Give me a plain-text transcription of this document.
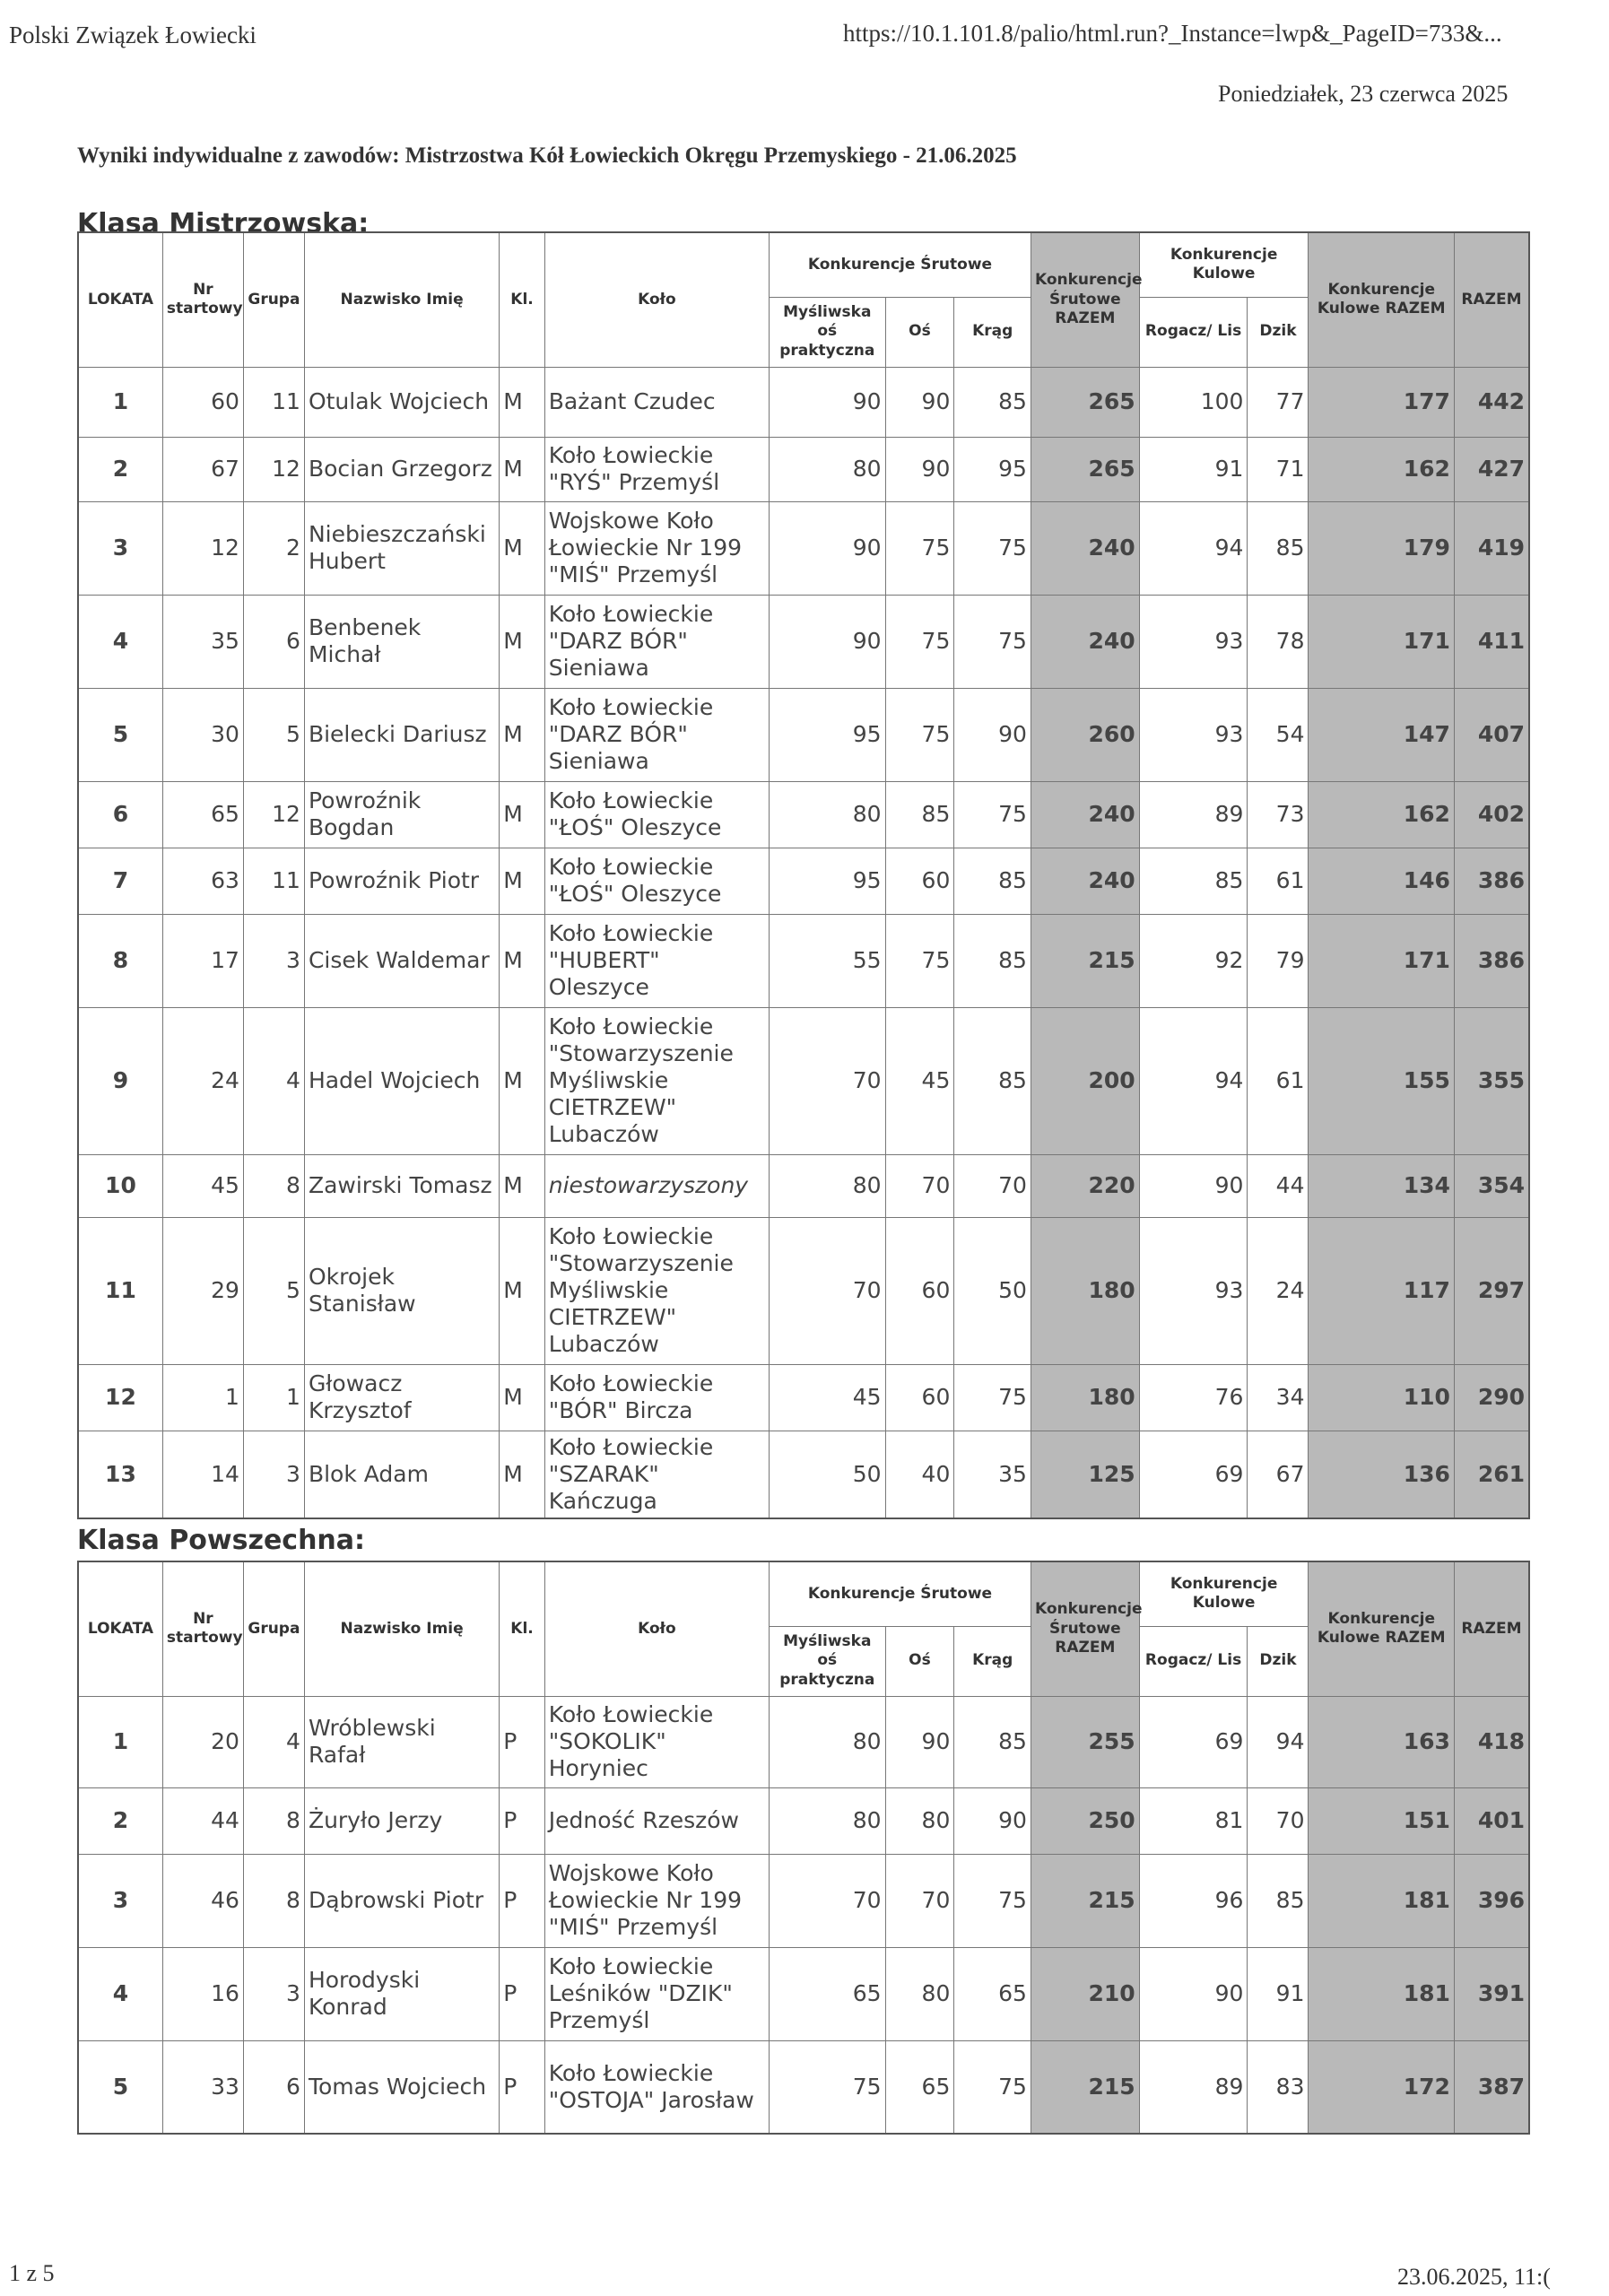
Polski Związek Łowiecki	https://10.1.101.8/palio/html.run?_Instance=lwp&_PageID=733&...
Poniedziałek, 23 czerwca 2025
Wyniki indywidualne z zawodów: Mistrzostwa Kół Łowieckich Okręgu Przemyskiego - 21.06.2025
Klasa Mistrzowska:
LOKATA	Nr startowy	Grupa	Nazwisko Imię	Kl.	Koło	Konkurencje Śrutowe			Konkurencje Śrutowe RAZEM	Konkurencje Kulowe		Konkurencje Kulowe RAZEM	RAZEM
						Myśliwska oś praktyczna	Oś	Krąg		Rogacz/ Lis	Dzik		
1	60	11	Otulak Wojciech	M	Bażant Czudec	90	90	85	265	100	77	177	442
2	67	12	Bocian Grzegorz	M	Koło Łowieckie "RYŚ" Przemyśl	80	90	95	265	91	71	162	427
3	12	2	Niebieszczański Hubert	M	Wojskowe Koło Łowieckie Nr 199 "MIŚ" Przemyśl	90	75	75	240	94	85	179	419
4	35	6	Benbenek Michał	M	Koło Łowieckie "DARZ BÓR" Sieniawa	90	75	75	240	93	78	171	411
5	30	5	Bielecki Dariusz	M	Koło Łowieckie "DARZ BÓR" Sieniawa	95	75	90	260	93	54	147	407
6	65	12	Powroźnik Bogdan	M	Koło Łowieckie "ŁOŚ" Oleszyce	80	85	75	240	89	73	162	402
7	63	11	Powroźnik Piotr	M	Koło Łowieckie "ŁOŚ" Oleszyce	95	60	85	240	85	61	146	386
8	17	3	Cisek Waldemar	M	Koło Łowieckie "HUBERT" Oleszyce	55	75	85	215	92	79	171	386
9	24	4	Hadel Wojciech	M	Koło Łowieckie "Stowarzyszenie Myśliwskie CIETRZEW" Lubaczów	70	45	85	200	94	61	155	355
10	45	8	Zawirski Tomasz	M	niestowarzyszony	80	70	70	220	90	44	134	354
11	29	5	Okrojek Stanisław	M	Koło Łowieckie "Stowarzyszenie Myśliwskie CIETRZEW" Lubaczów	70	60	50	180	93	24	117	297
12	1	1	Głowacz Krzysztof	M	Koło Łowieckie "BÓR" Bircza	45	60	75	180	76	34	110	290
13	14	3	Blok Adam	M	Koło Łowieckie "SZARAK" Kańczuga	50	40	35	125	69	67	136	261
Klasa Powszechna:
LOKATA	Nr startowy	Grupa	Nazwisko Imię	Kl.	Koło	Konkurencje Śrutowe			Konkurencje Śrutowe RAZEM	Konkurencje Kulowe		Konkurencje Kulowe RAZEM	RAZEM
						Myśliwska oś praktyczna	Oś	Krąg		Rogacz/ Lis	Dzik		
1	20	4	Wróblewski Rafał	P	Koło Łowieckie "SOKOLIK" Horyniec	80	90	85	255	69	94	163	418
2	44	8	Żuryło Jerzy	P	Jedność Rzeszów	80	80	90	250	81	70	151	401
3	46	8	Dąbrowski Piotr	P	Wojskowe Koło Łowieckie Nr 199 "MIŚ" Przemyśl	70	70	75	215	96	85	181	396
4	16	3	Horodyski Konrad	P	Koło Łowieckie Leśników "DZIK" Przemyśl	65	80	65	210	90	91	181	391
5	33	6	Tomas Wojciech	P	Koło Łowieckie "OSTOJA" Jarosław	75	65	75	215	89	83	172	387
1 z 5	23.06.2025, 11:(
